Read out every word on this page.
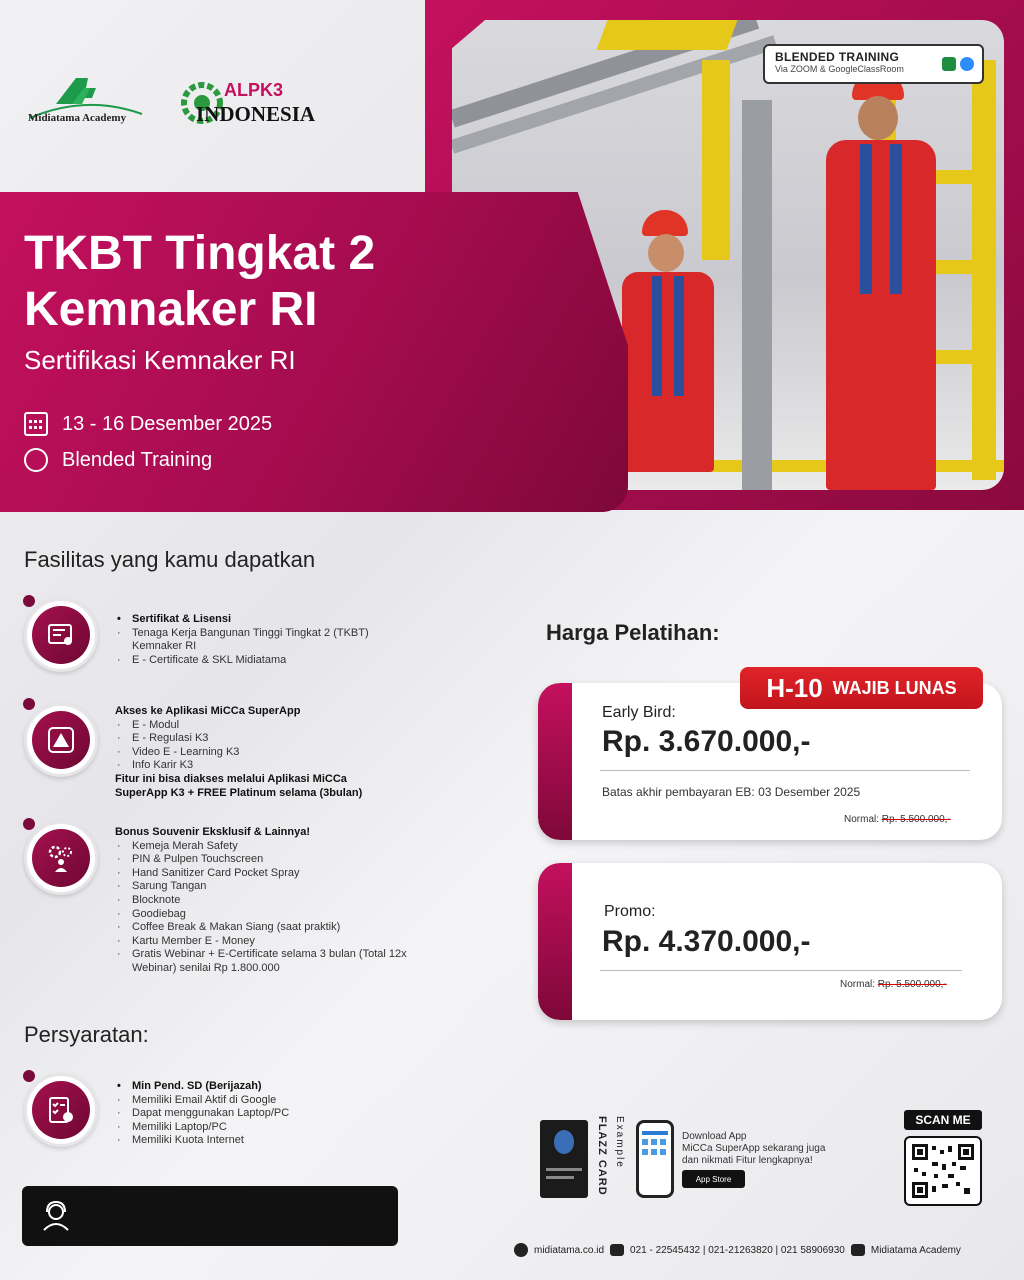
Midiatama Academy
ALPK3
INDONESIA
BLENDED TRAINING
Via ZOOM & GoogleClassRoom
TKBT Tingkat 2
Kemnaker RI
Sertifikasi Kemnaker RI
13 - 16 Desember 2025
Blended Training
Fasilitas yang kamu dapatkan
• Sertifikat & Lisensi
· Tenaga Kerja Bangunan Tinggi Tingkat 2 (TKBT)
Kemnaker RI
· E - Certificate & SKL Midiatama
Akses ke Aplikasi MiCCa SuperApp
· E - Modul
· E - Regulasi K3
· Video E - Learning K3
· Info Karir K3
Fitur ini bisa diakses melalui Aplikasi MiCCa
SuperApp K3 + FREE Platinum selama (3bulan)
Bonus Souvenir Eksklusif & Lainnya!
· Kemeja Merah Safety
· PIN & Pulpen Touchscreen
· Hand Sanitizer Card Pocket Spray
· Sarung Tangan
· Blocknote
· Goodiebag
· Coffee Break & Makan Siang (saat praktik)
· Kartu Member E - Money
· Gratis Webinar + E-Certificate selama 3 bulan (Total 12x
Webinar) senilai Rp 1.800.000
Persyaratan:
• Min Pend. SD (Berijazah)
· Memiliki Email Aktif di Google
· Dapat menggunakan Laptop/PC
· Memiliki Laptop/PC
· Memiliki Kuota Internet
Harga Pelatihan:
Early Bird:
Rp. 3.670.000,-
Batas akhir pembayaran EB: 03 Desember 2025
Normal: Rp. 5.500.000,-
H-10 WAJIB LUNAS
Promo:
Rp. 4.370.000,-
Normal: Rp. 5.500.000,-
FLAZZ CARD Example	Download App
MiCCa SuperApp sekarang juga
dan nikmati Fitur lengkapnya!
App Store
SCAN ME
midiatama.co.id	021 - 22545432 | 021-21263820 | 021 58906930	Midiatama Academy
